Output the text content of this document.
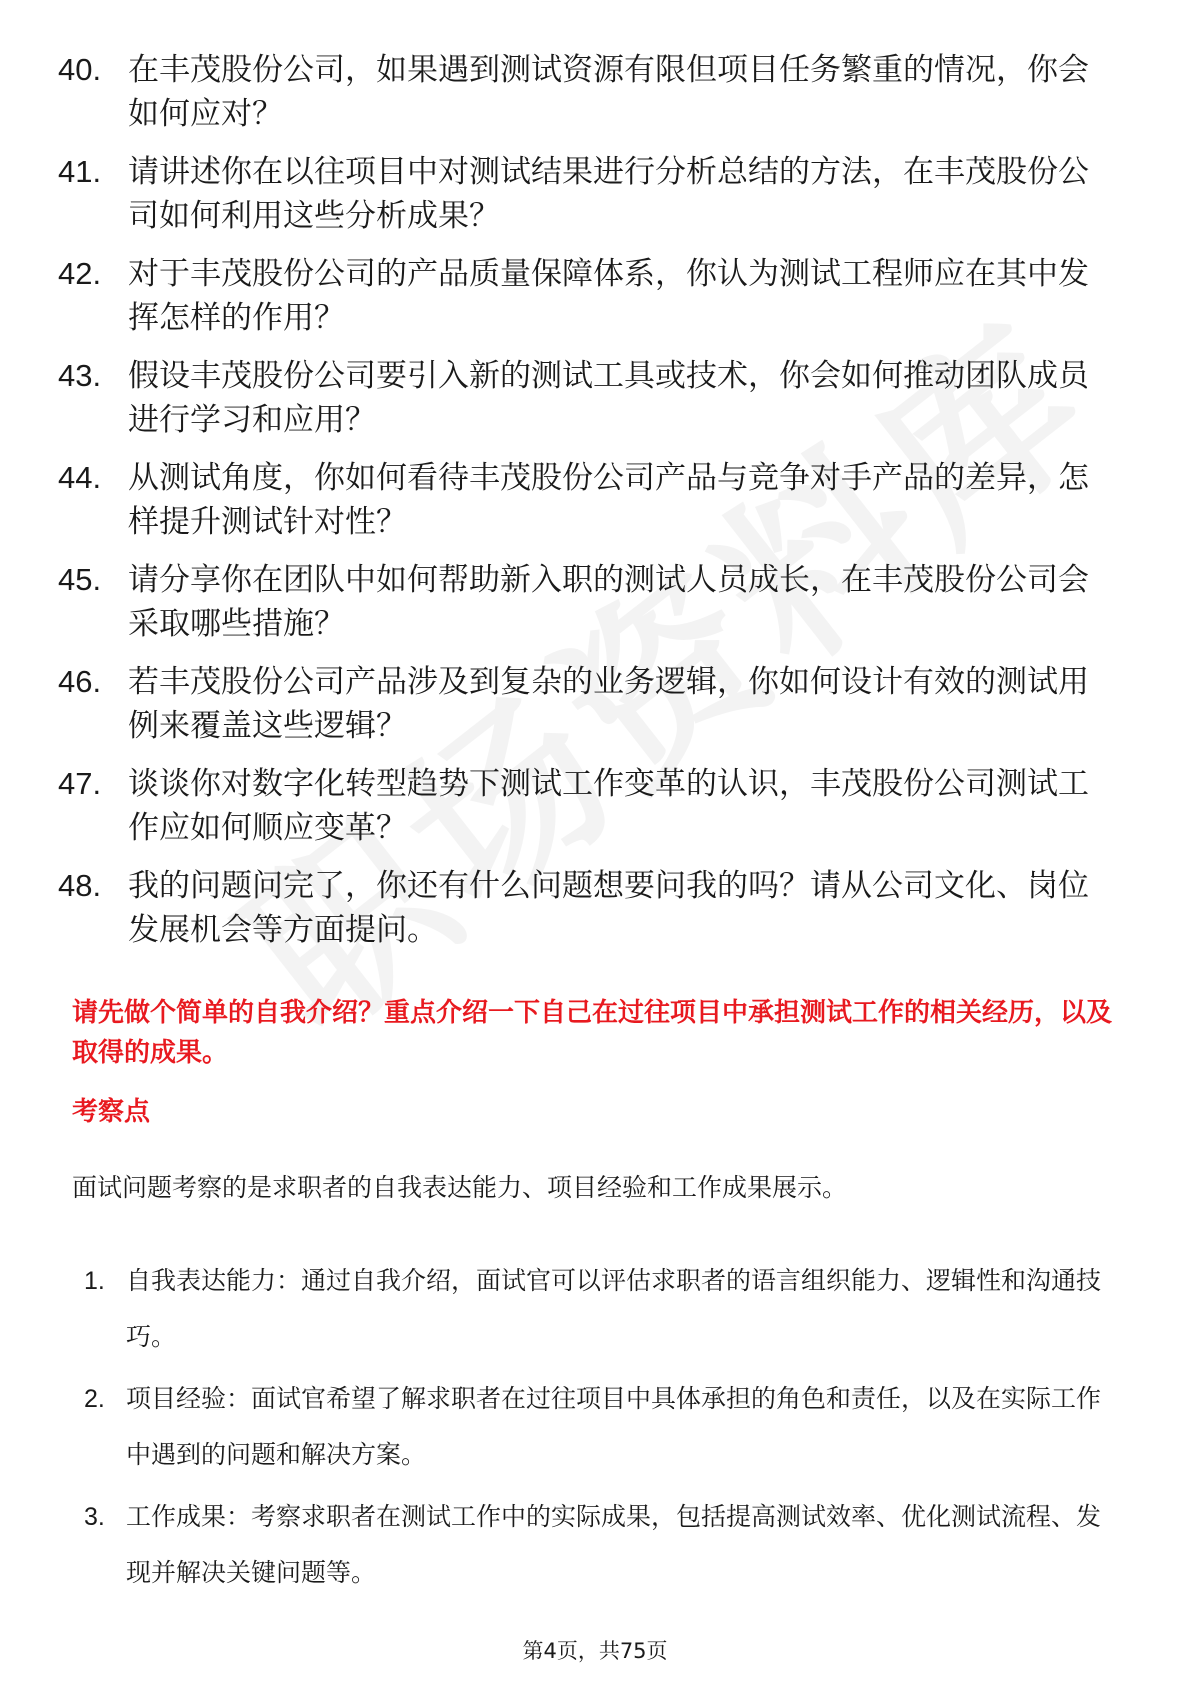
40. 在丰茂股份公司，如果遇到测试资源有限但项目任务繁重的情况，你会如何应对？
41. 请讲述你在以往项目中对测试结果进行分析总结的方法，在丰茂股份公司如何利用这些分析成果？
42. 对于丰茂股份公司的产品质量保障体系，你认为测试工程师应在其中发挥怎样的作用？
43. 假设丰茂股份公司要引入新的测试工具或技术，你会如何推动团队成员进行学习和应用？
44. 从测试角度，你如何看待丰茂股份公司产品与竞争对手产品的差异，怎样提升测试针对性？
45. 请分享你在团队中如何帮助新入职的测试人员成长，在丰茂股份公司会采取哪些措施？
46. 若丰茂股份公司产品涉及到复杂的业务逻辑，你如何设计有效的测试用例来覆盖这些逻辑？
47. 谈谈你对数字化转型趋势下测试工作变革的认识，丰茂股份公司测试工作应如何顺应变革？
48. 我的问题问完了，你还有什么问题想要问我的吗？请从公司文化、岗位发展机会等方面提问。

请先做个简单的自我介绍？重点介绍一下自己在过往项目中承担测试工作的相关经历，以及取得的成果。

考察点

面试问题考察的是求职者的自我表达能力、项目经验和工作成果展示。

1. 自我表达能力：通过自我介绍，面试官可以评估求职者的语言组织能力、逻辑性和沟通技巧。
2. 项目经验：面试官希望了解求职者在过往项目中具体承担的角色和责任，以及在实际工作中遇到的问题和解决方案。
3. 工作成果：考察求职者在测试工作中的实际成果，包括提高测试效率、优化测试流程、发现并解决关键问题等。
第4页，共75页
